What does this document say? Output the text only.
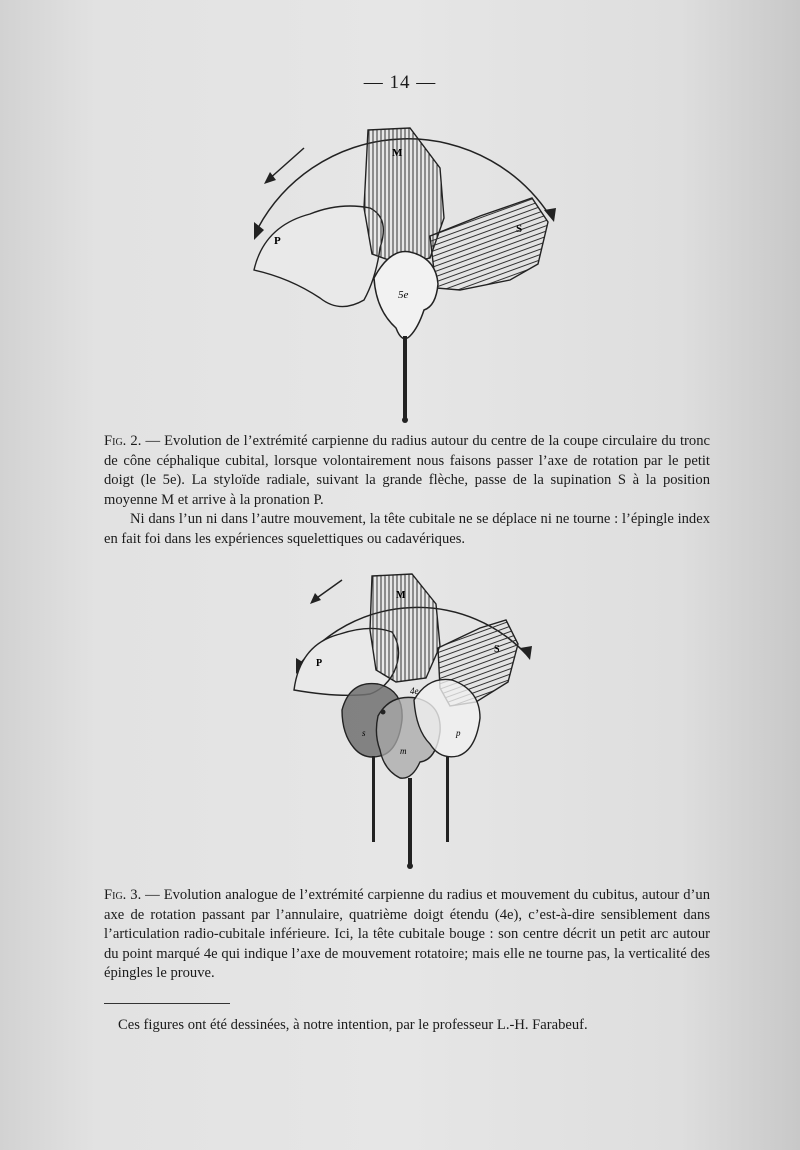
— 14 —
M
P
S
5e

Fig. 2. — Evolution de l’extrémité carpienne du radius autour du centre de la coupe circulaire du tronc de cône céphalique cubital, lorsque volontairement nous faisons passer l’axe de rotation par le petit doigt (le 5e). La styloïde radiale, suivant la grande flèche, passe de la supination S à la position moyenne M et arrive à la pronation P.

Ni dans l’un ni dans l’autre mouvement, la tête cubitale ne se déplace ni ne tourne : l’épingle index en fait foi dans les expériences squelettiques ou cadavériques.

M
P
S
4e
s
m
p

Fig. 3. — Evolution analogue de l’extrémité carpienne du radius et mouvement du cubitus, autour d’un axe de rotation passant par l’annulaire, quatrième doigt étendu (4e), c’est-à-dire sensiblement dans l’articulation radio-cubitale inférieure. Ici, la tête cubitale bouge : son centre décrit un petit arc autour du point marqué 4e qui indique l’axe de mouvement rotatoire; mais elle ne tourne pas, la verticalité des épingles le prouve.

Ces figures ont été dessinées, à notre intention, par le professeur L.-H. Farabeuf.
